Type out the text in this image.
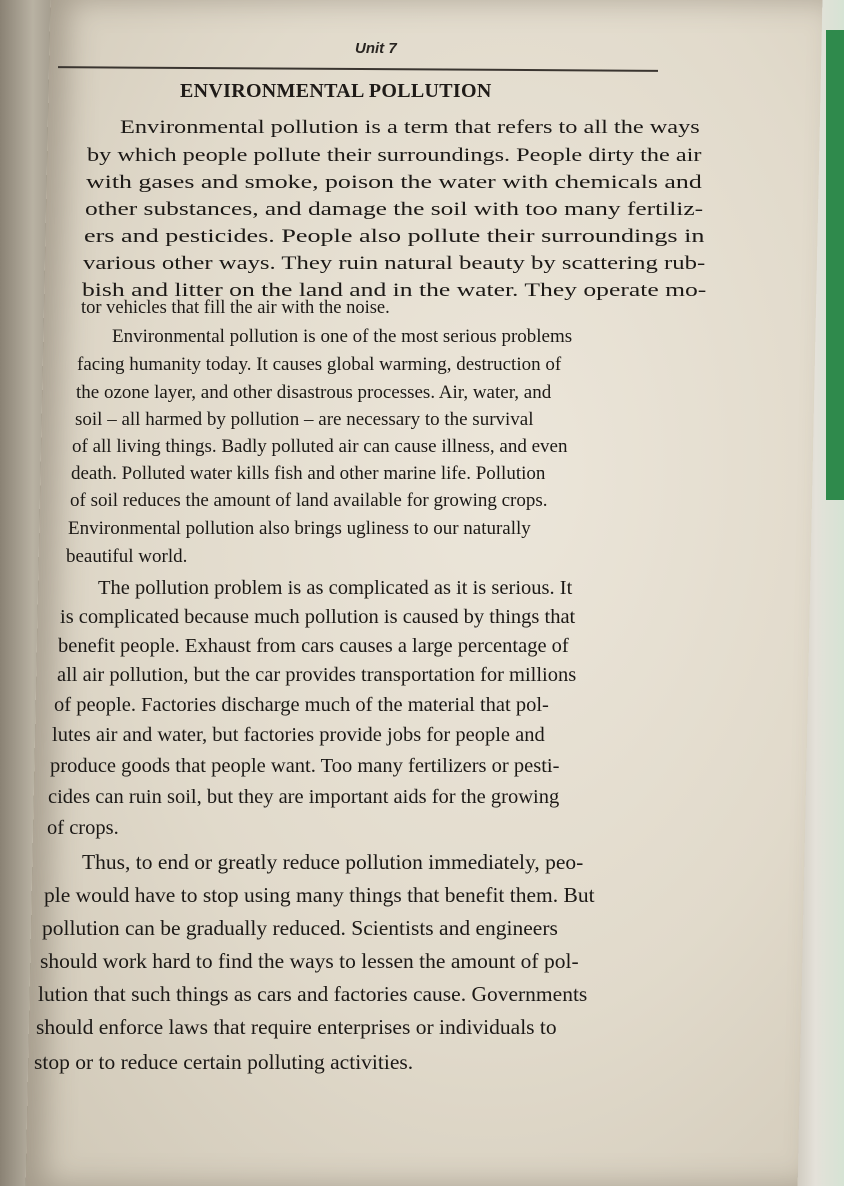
Unit 7
ENVIRONMENTAL POLLUTION
Environmental pollution is a term that refers to all the ways
by which people pollute their surroundings. People dirty the air
with gases and smoke, poison the water with chemicals and
other substances, and damage the soil with too many fertiliz-
ers and pesticides. People also pollute their surroundings in
various other ways. They ruin natural beauty by scattering rub-
bish and litter on the land and in the water. They operate mo-
tor vehicles that fill the air with the noise.
Environmental pollution is one of the most serious problems
facing humanity today. It causes global warming, destruction of
the ozone layer, and other disastrous processes. Air, water, and
soil – all harmed by pollution – are necessary to the survival
of all living things. Badly polluted air can cause illness, and even
death. Polluted water kills fish and other marine life. Pollution
of soil reduces the amount of land available for growing crops.
Environmental pollution also brings ugliness to our naturally
beautiful world.
The pollution problem is as complicated as it is serious. It
is complicated because much pollution is caused by things that
benefit people. Exhaust from cars causes a large percentage of
all air pollution, but the car provides transportation for millions
of people. Factories discharge much of the material that pol-
lutes air and water, but factories provide jobs for people and
produce goods that people want. Too many fertilizers or pesti-
cides can ruin soil, but they are important aids for the growing
of crops.
Thus, to end or greatly reduce pollution immediately, peo-
ple would have to stop using many things that benefit them. But
pollution can be gradually reduced. Scientists and engineers
should work hard to find the ways to lessen the amount of pol-
lution that such things as cars and factories cause. Governments
should enforce laws that require enterprises or individuals to
stop or to reduce certain polluting activities.
